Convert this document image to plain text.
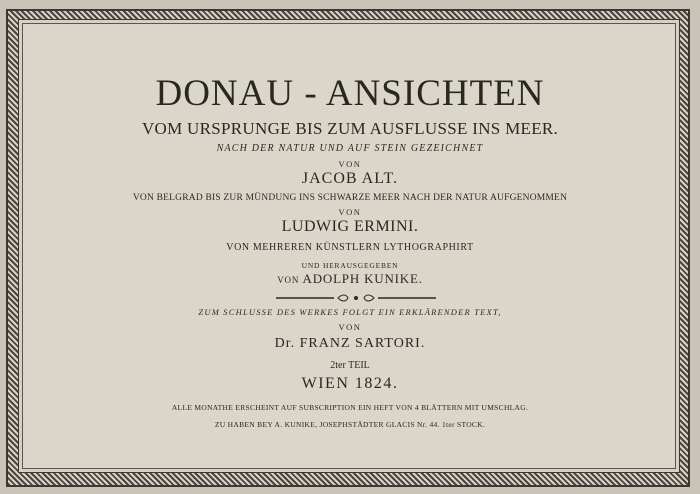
DONAU - ANSICHTEN
VOM URSPRUNGE BIS ZUM AUSFLUSSE INS MEER.
NACH DER NATUR UND AUF STEIN GEZEICHNET
VON
JACOB ALT.
VON BELGRAD BIS ZUR MÜNDUNG INS SCHWARZE MEER NACH DER NATUR AUFGENOMMEN
VON
LUDWIG ERMINI.
VON MEHREREN KÜNSTLERN LYTHOGRAPHIRT
UND HERAUSGEGEBEN
VON ADOLPH KUNIKE.
ZUM SCHLUSSE DES WERKES FOLGT EIN ERKLÄRENDER TEXT,
VON
Dr. FRANZ SARTORI.
2ter TEIL
WIEN 1824.
ALLE MONATHE ERSCHEINT AUF SUBSCRIPTION EIN HEFT VON 4 BLÄTTERN MIT UMSCHLAG.
ZU HABEN BEY A. KUNIKE, JOSEPHSTÄDTER GLACIS Nr. 44. 1ter STOCK.
